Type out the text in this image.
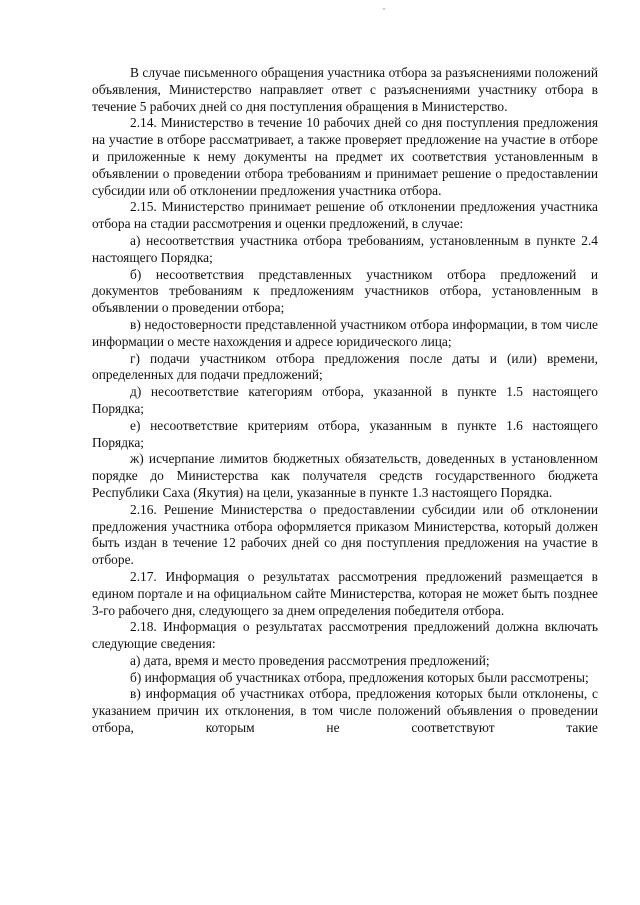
В случае письменного обращения участника отбора за разъяснениями положений объявления, Министерство направляет ответ с разъяснениями участнику отбора в течение 5 рабочих дней со дня поступления обращения в Министерство.

2.14. Министерство в течение 10 рабочих дней со дня поступления предложения на участие в отборе рассматривает, а также проверяет предложение на участие в отборе и приложенные к нему документы на предмет их соответствия установленным в объявлении о проведении отбора требованиям и принимает решение о предоставлении субсидии или об отклонении предложения участника отбора.

2.15. Министерство принимает решение об отклонении предложения участника отбора на стадии рассмотрения и оценки предложений, в случае:

а) несоответствия участника отбора требованиям, установленным в пункте 2.4 настоящего Порядка;

б) несоответствия представленных участником отбора предложений и документов требованиям к предложениям участников отбора, установленным в объявлении о проведении отбора;

в) недостоверности представленной участником отбора информации, в том числе информации о месте нахождения и адресе юридического лица;

г) подачи участником отбора предложения после даты и (или) времени, определенных для подачи предложений;

д) несоответствие категориям отбора, указанной в пункте 1.5 настоящего Порядка;

е) несоответствие критериям отбора, указанным в пункте 1.6 настоящего Порядка;

ж) исчерпание лимитов бюджетных обязательств, доведенных в установленном порядке до Министерства как получателя средств государственного бюджета Республики Саха (Якутия) на цели, указанные в пункте 1.3 настоящего Порядка.

2.16. Решение Министерства о предоставлении субсидии или об отклонении предложения участника отбора оформляется приказом Министерства, который должен быть издан в течение 12 рабочих дней со дня поступления предложения на участие в отборе.

2.17. Информация о результатах рассмотрения предложений размещается в едином портале и на официальном сайте Министерства, которая не может быть позднее 3-го рабочего дня, следующего за днем определения победителя отбора.

2.18. Информация о результатах рассмотрения предложений должна включать следующие сведения:

а) дата, время и место проведения рассмотрения предложений;

б) информация об участниках отбора, предложения которых были рассмотрены;

в) информация об участниках отбора, предложения которых были отклонены, с указанием причин их отклонения, в том числе положений объявления о проведении отбора, которым не соответствуют такие
